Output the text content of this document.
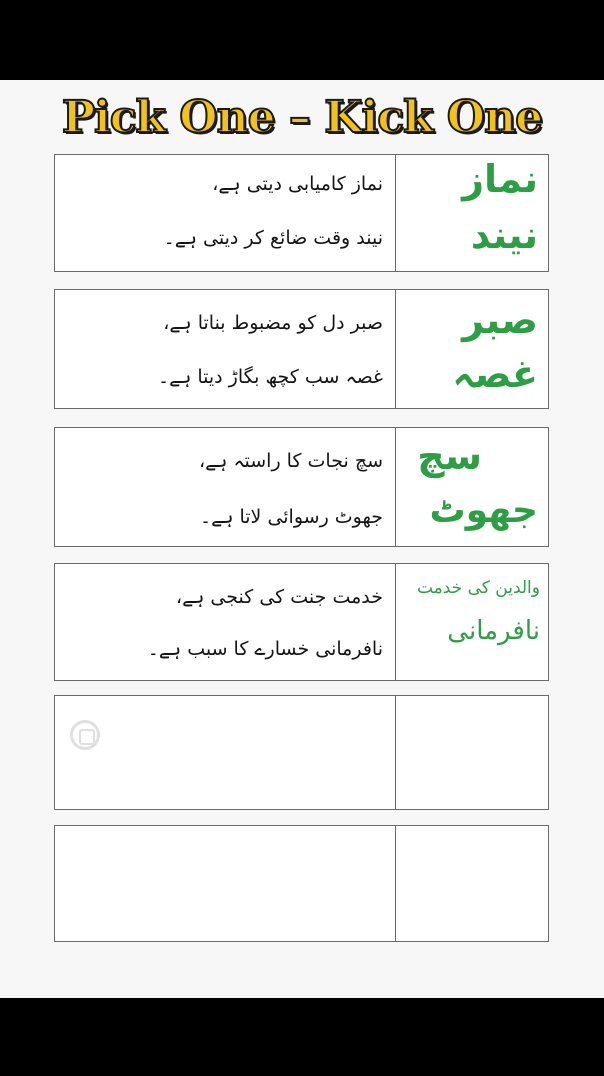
Pick One – Kick One
نماز کامیابی دیتی ہے،
نیند وقت ضائع کر دیتی ہے۔
نماز
نیند
صبر دل کو مضبوط بناتا ہے،
غصہ سب کچھ بگاڑ دیتا ہے۔
صبر
غصہ
سچ نجات کا راستہ ہے،
جھوٹ رسوائی لاتا ہے۔
سچ
جھوٹ
خدمت جنت کی کنجی ہے،
نافرمانی خسارے کا سبب ہے۔
والدین کی خدمت
نافرمانی
